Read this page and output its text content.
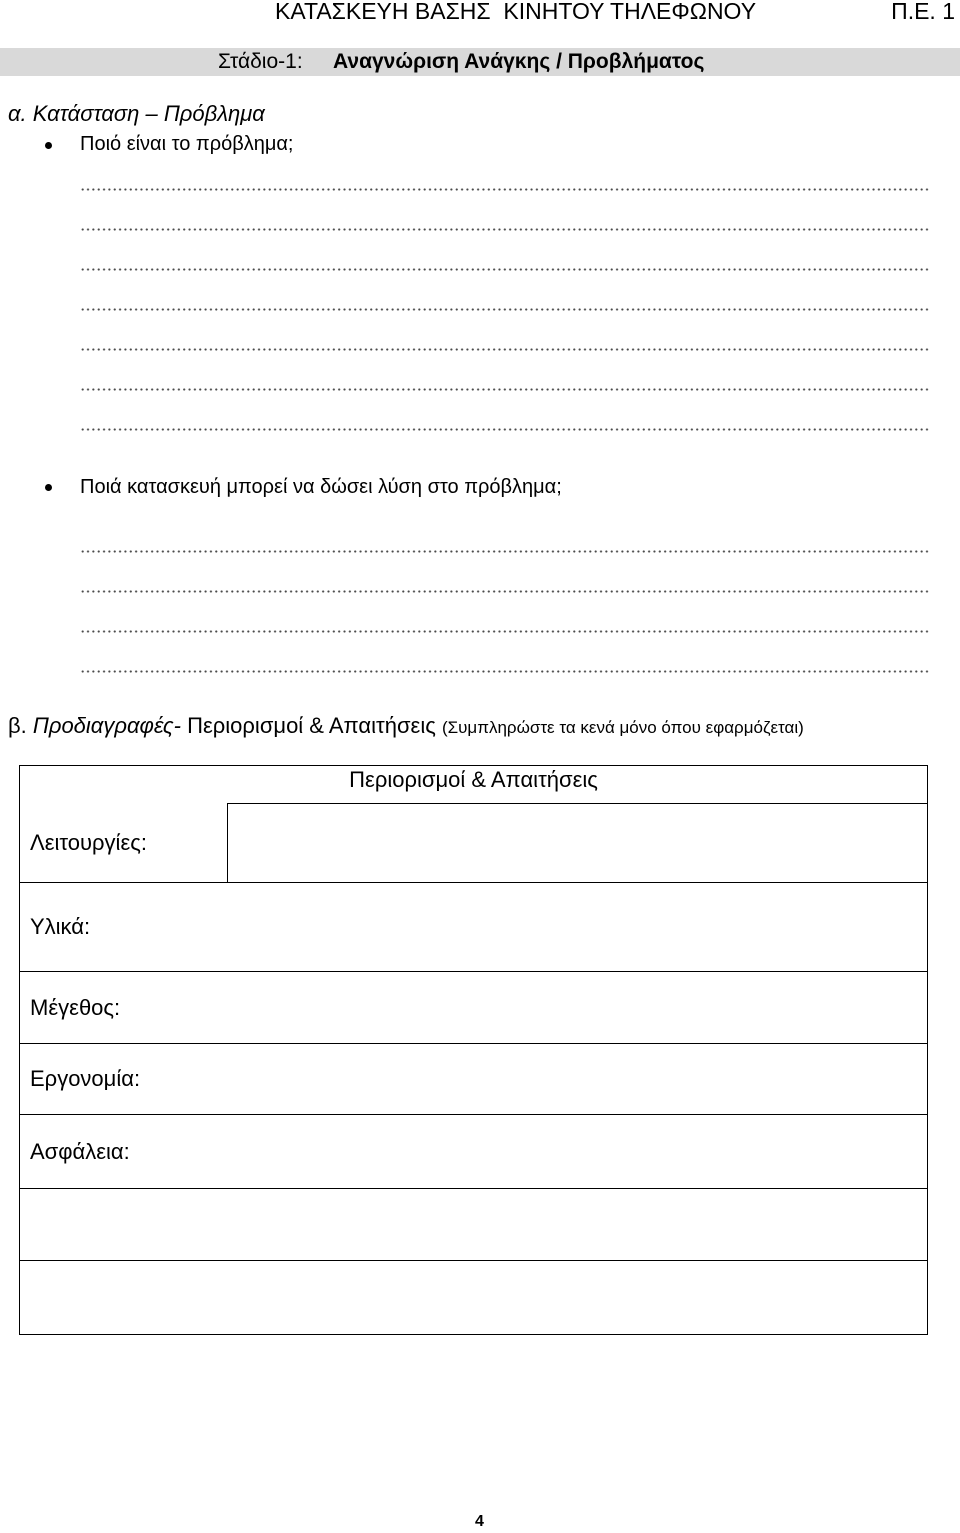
ΚΑΤΑΣΚΕΥΗ ΒΑΣΗΣ  ΚΙΝΗΤΟΥ ΤΗΛΕΦΩΝΟΥ	Π.Ε. 1
Στάδιο-1: Αναγνώριση Ανάγκης / Προβλήματος
α. Κατάσταση – Πρόβλημα
Ποιό είναι το πρόβλημα;
Ποιά κατασκευή μπορεί να δώσει λύση στο πρόβλημα;
β. Προδιαγραφές- Περιορισμοί & Απαιτήσεις (Συμπληρώστε τα κενά μόνο όπου εφαρμόζεται)
Περιορισμοί & Απαιτήσεις
Λειτουργίες:
Υλικά:
Μέγεθος:
Εργονομία:
Ασφάλεια:
4
